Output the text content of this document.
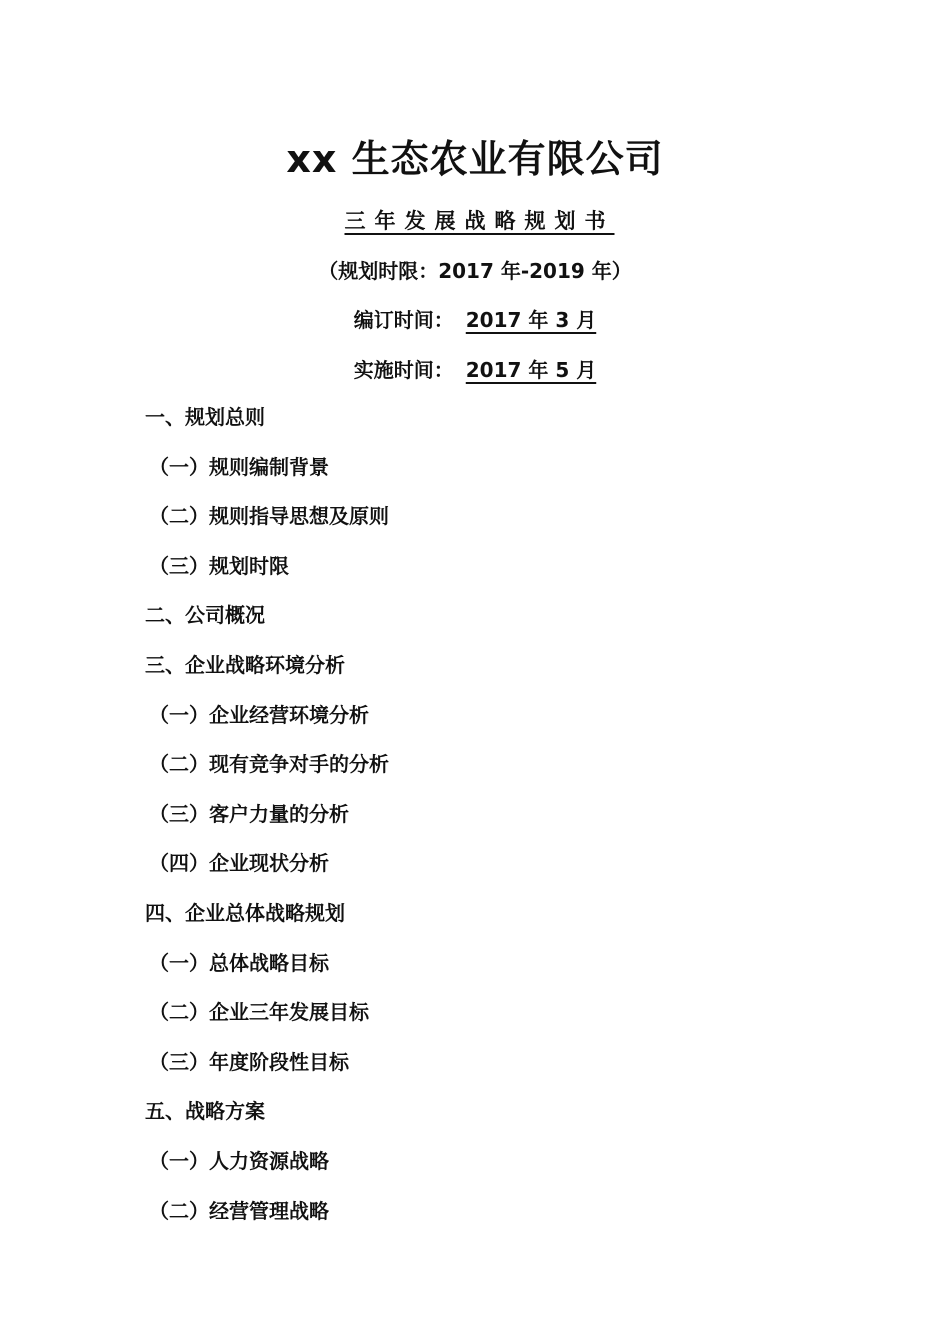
xx 生态农业有限公司
三年发展战略规划书
（规划时限：2017 年-2019 年）
编订时间： 2017 年 3 月
实施时间： 2017 年 5 月
一、规划总则
（一）规则编制背景
（二）规则指导思想及原则
（三）规划时限
二、公司概况
三、企业战略环境分析
（一）企业经营环境分析
（二）现有竞争对手的分析
（三）客户力量的分析
（四）企业现状分析
四、企业总体战略规划
（一）总体战略目标
（二）企业三年发展目标
（三）年度阶段性目标
五、战略方案
（一）人力资源战略
（二）经营管理战略
